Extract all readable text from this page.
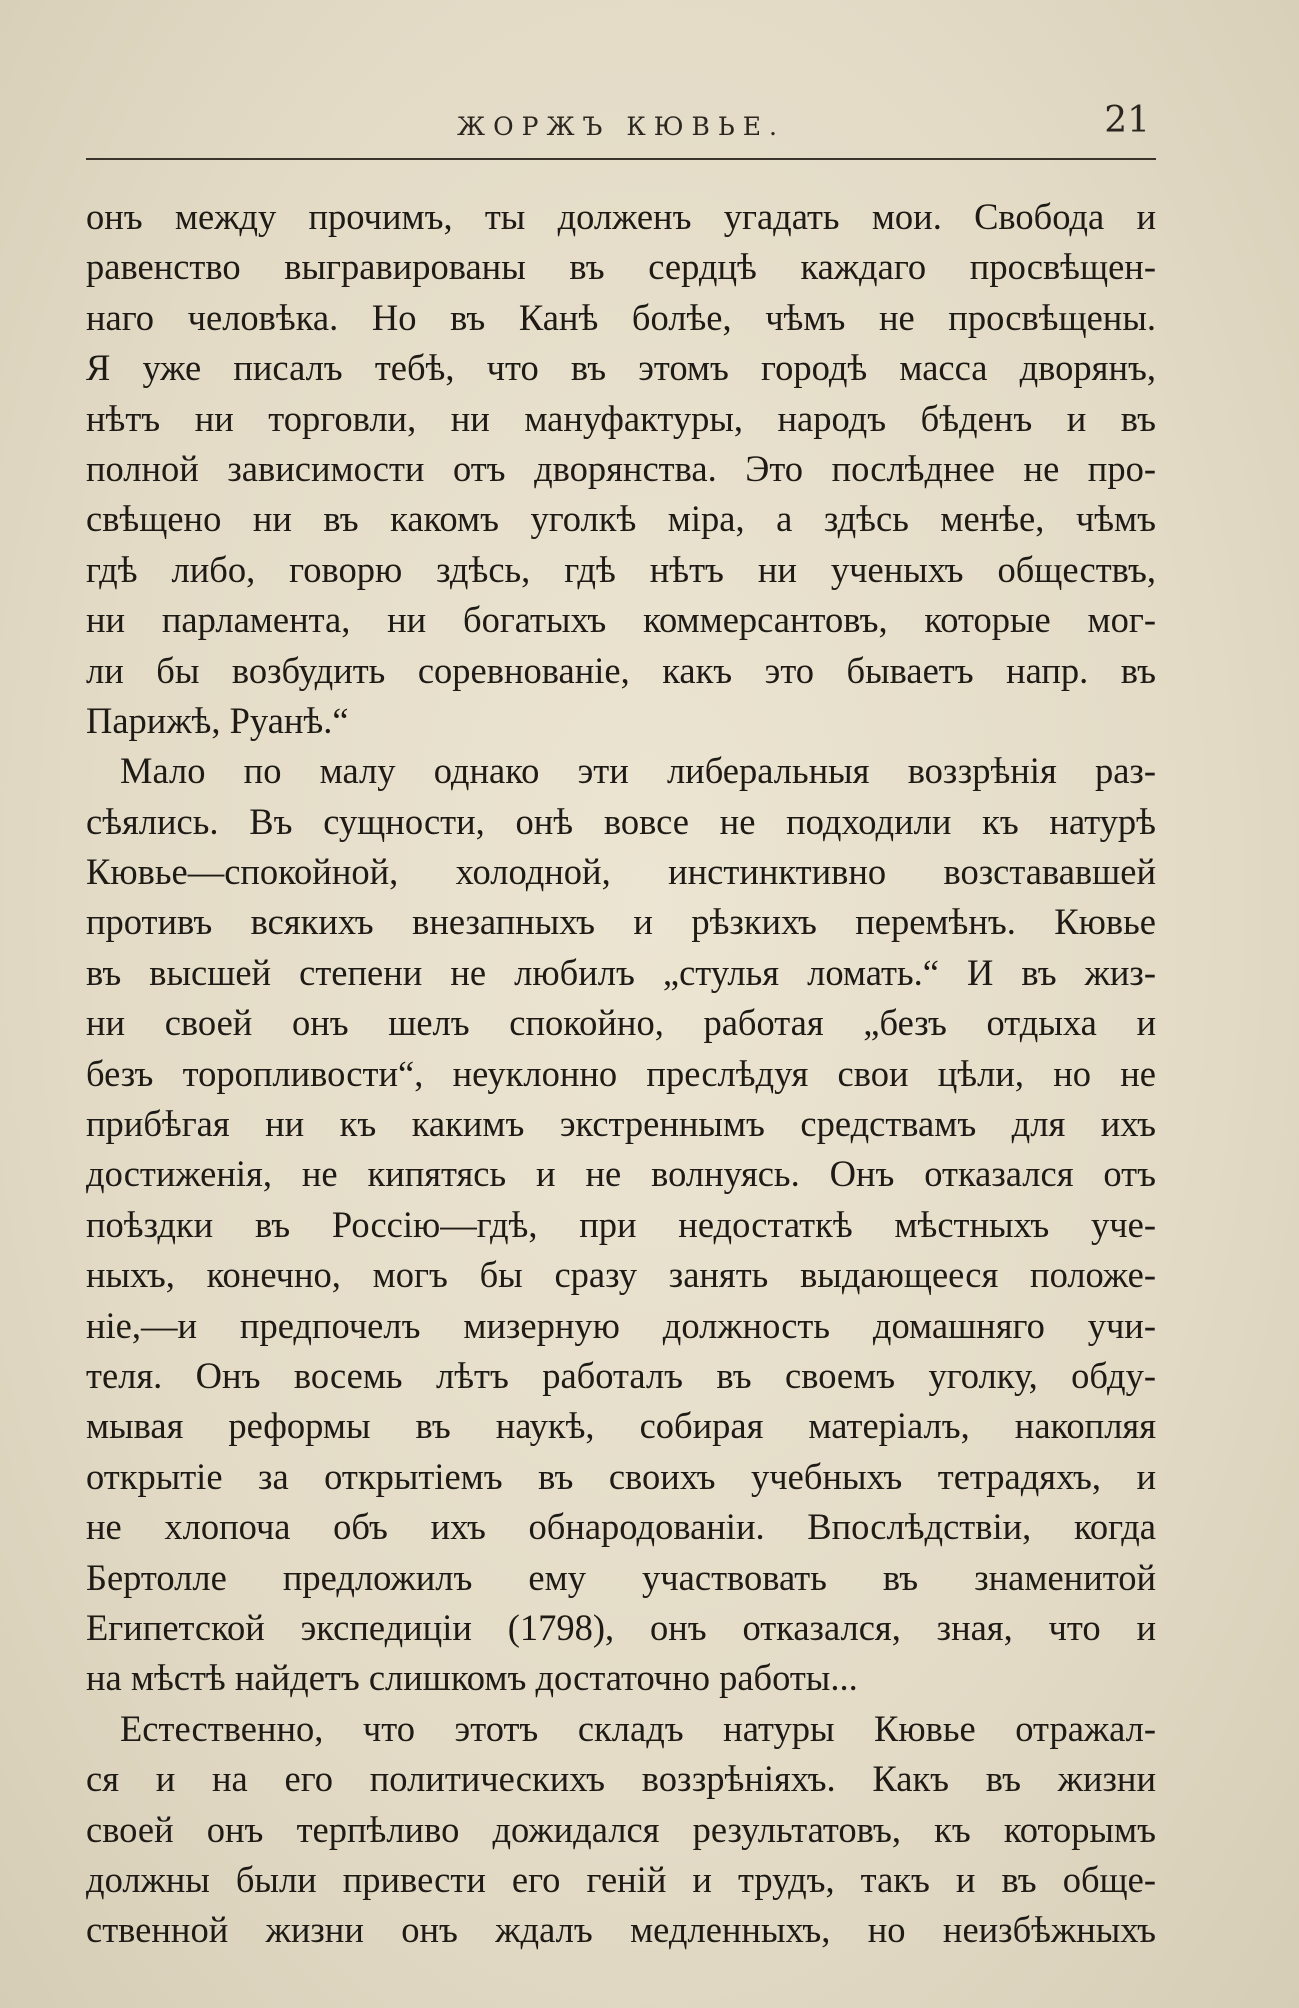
ЖОРЖЪ КЮВЬЕ.	21
онъ между прочимъ, ты долженъ угадать мои. Свобода и
равенство выгравированы въ сердцѣ каждаго просвѣщен-
наго человѣка. Но въ Канѣ болѣе, чѣмъ не просвѣщены.
Я уже писалъ тебѣ, что въ этомъ городѣ масса дворянъ,
нѣтъ ни торговли, ни мануфактуры, народъ бѣденъ и въ
полной зависимости отъ дворянства. Это послѣднее не про-
свѣщено ни въ какомъ уголкѣ міра, а здѣсь менѣе, чѣмъ
гдѣ либо, говорю здѣсь, гдѣ нѣтъ ни ученыхъ обществъ,
ни парламента, ни богатыхъ коммерсантовъ, которые мог-
ли бы возбудить соревнованіе, какъ это бываетъ напр. въ
Парижѣ, Руанѣ.“
Мало по малу однако эти либеральныя воззрѣнія раз-
сѣялись. Въ сущности, онѣ вовсе не подходили къ натурѣ
Кювье—спокойной, холодной, инстинктивно возстававшей
противъ всякихъ внезапныхъ и рѣзкихъ перемѣнъ. Кювье
въ высшей степени не любилъ „стулья ломать.“ И въ жиз-
ни своей онъ шелъ спокойно, работая „безъ отдыха и
безъ торопливости“, неуклонно преслѣдуя свои цѣли, но не
прибѣгая ни къ какимъ экстреннымъ средствамъ для ихъ
достиженія, не кипятясь и не волнуясь. Онъ отказался отъ
поѣздки въ Россію—гдѣ, при недостаткѣ мѣстныхъ уче-
ныхъ, конечно, могъ бы сразу занять выдающееся положе-
ніе,—и предпочелъ мизерную должность домашняго учи-
теля. Онъ восемь лѣтъ работалъ въ своемъ уголку, обду-
мывая реформы въ наукѣ, собирая матеріалъ, накопляя
открытіе за открытіемъ въ своихъ учебныхъ тетрадяхъ, и
не хлопоча объ ихъ обнародованіи. Впослѣдствіи, когда
Бертолле предложилъ ему участвовать въ знаменитой
Египетской экспедиціи (1798), онъ отказался, зная, что и
на мѣстѣ найдетъ слишкомъ достаточно работы...
Естественно, что этотъ складъ натуры Кювье отражал-
ся и на его политическихъ воззрѣніяхъ. Какъ въ жизни
своей онъ терпѣливо дожидался результатовъ, къ которымъ
должны были привести его геній и трудъ, такъ и въ обще-
ственной жизни онъ ждалъ медленныхъ, но неизбѣжныхъ
